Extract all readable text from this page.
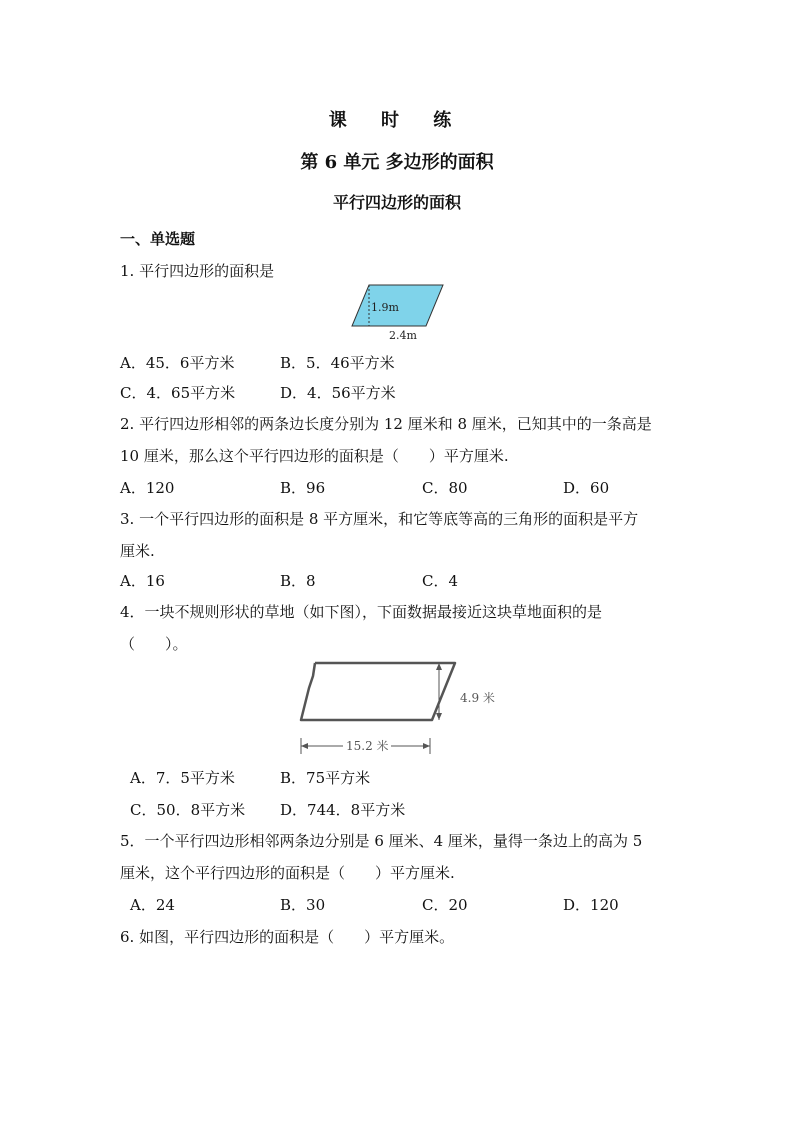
课 时 练
第 6 单元 多边形的面积
平行四边形的面积
一、单选题
1. 平行四边形的面积是
1.9m
2.4m
A．45．6平方米	B．5．46平方米
C．4．65平方米	D．4．56平方米
2. 平行四边形相邻的两条边长度分别为 12 厘米和 8 厘米，已知其中的一条高是
10 厘米，那么这个平行四边形的面积是（　　）平方厘米.
A．120	B．96	C．80	D．60
3. 一个平行四边形的面积是 8 平方厘米，和它等底等高的三角形的面积是平方
厘米.
A．16	B．8	C．4
4．一块不规则形状的草地（如下图），下面数据最接近这块草地面积的是
（　　）。
4.9 米
15.2 米
A．7．5平方米	B．75平方米
C．50．8平方米 D．744．8平方米
5．一个平行四边形相邻两条边分别是 6 厘米、4 厘米，量得一条边上的高为 5
厘米，这个平行四边形的面积是（　　）平方厘米.
A．24	B．30	C．20	D．120
6. 如图，平行四边形的面积是（　　）平方厘米。
